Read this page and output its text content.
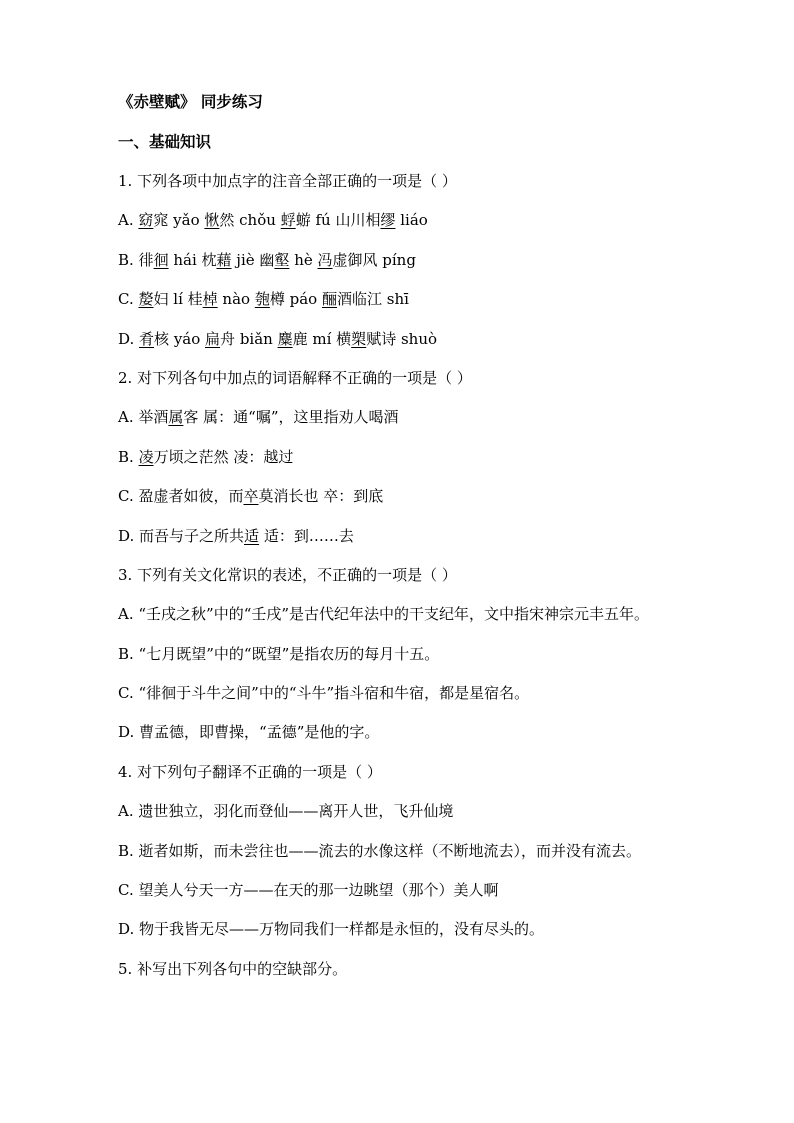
《赤壁赋》 同步练习

一、基础知识

1. 下列各项中加点字的注音全部正确的一项是（ ）

A. 窈窕 yǎo 愀然 chǒu 蜉蝣 fú 山川相缪 liáo

B. 徘徊 hái 枕藉 jiè 幽壑 hè 冯虚御风 píng

C. 嫠妇 lí 桂棹 nào 匏樽 páo 酾酒临江 shī

D. 肴核 yáo 扁舟 biǎn 麋鹿 mí 横槊赋诗 shuò

2. 对下列各句中加点的词语解释不正确的一项是（ ）

A. 举酒属客 属：通“嘱”，这里指劝人喝酒

B. 凌万顷之茫然 凌：越过

C. 盈虚者如彼，而卒莫消长也 卒：到底

D. 而吾与子之所共适 适：到……去

3. 下列有关文化常识的表述，不正确的一项是（ ）

A. “壬戌之秋”中的“壬戌”是古代纪年法中的干支纪年，文中指宋神宗元丰五年。

B. “七月既望”中的“既望”是指农历的每月十五。

C. “徘徊于斗牛之间”中的“斗牛”指斗宿和牛宿，都是星宿名。

D. 曹孟德，即曹操，“孟德”是他的字。

4. 对下列句子翻译不正确的一项是（ ）

A. 遗世独立，羽化而登仙——离开人世，飞升仙境

B. 逝者如斯，而未尝往也——流去的水像这样（不断地流去），而并没有流去。

C. 望美人兮天一方——在天的那一边眺望（那个）美人啊

D. 物于我皆无尽——万物同我们一样都是永恒的，没有尽头的。

5. 补写出下列各句中的空缺部分。
